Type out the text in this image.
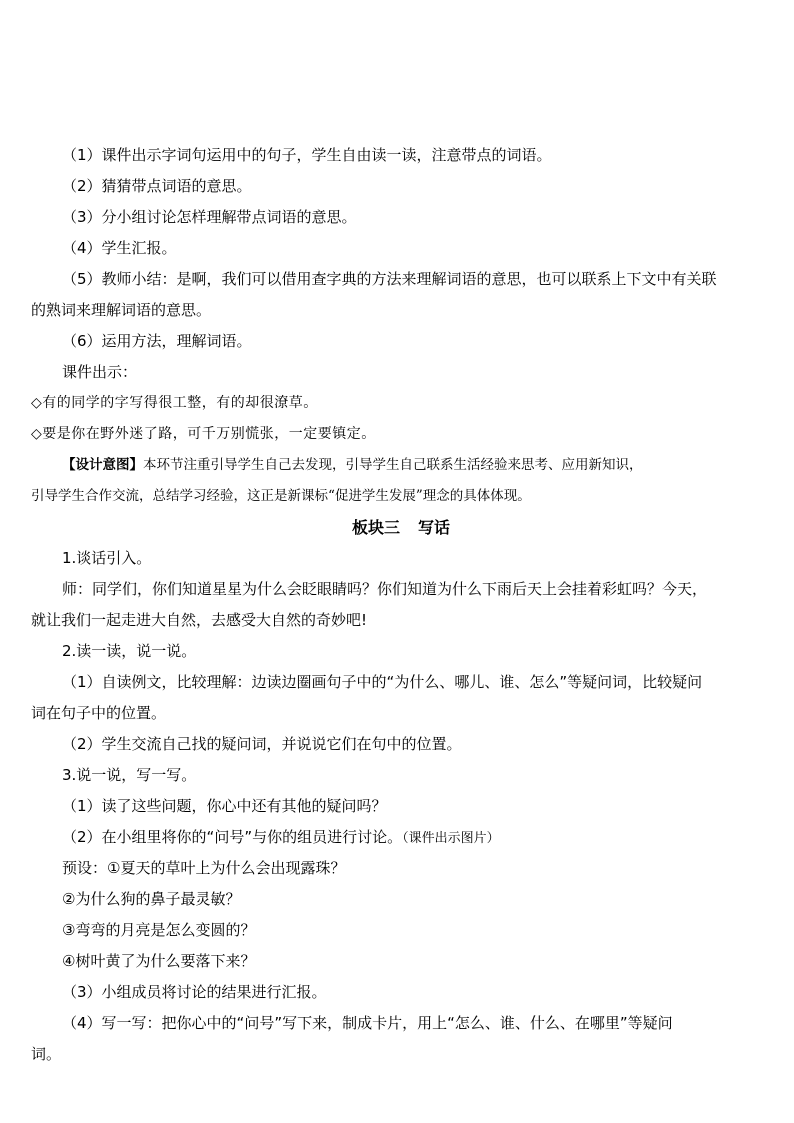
（1）课件出示字词句运用中的句子，学生自由读一读，注意带点的词语。
（2）猜猜带点词语的意思。
（3）分小组讨论怎样理解带点词语的意思。
（4）学生汇报。
（5）教师小结：是啊，我们可以借用查字典的方法来理解词语的意思，也可以联系上下文中有关联
的熟词来理解词语的意思。
（6）运用方法，理解词语。
课件出示：
◇有的同学的字写得很工整，有的却很潦草。
◇要是你在野外迷了路，可千万别慌张，一定要镇定。
【设计意图】本环节注重引导学生自己去发现，引导学生自己联系生活经验来思考、应用新知识，
引导学生合作交流，总结学习经验，这正是新课标“促进学生发展”理念的具体体现。
板块三 写话
1.谈话引入。
师：同学们，你们知道星星为什么会眨眼睛吗？你们知道为什么下雨后天上会挂着彩虹吗？今天，
就让我们一起走进大自然，去感受大自然的奇妙吧!
2.读一读，说一说。
（1）自读例文，比较理解：边读边圈画句子中的“为什么、哪儿、谁、怎么”等疑问词，比较疑问
词在句子中的位置。
（2）学生交流自己找的疑问词，并说说它们在句中的位置。
3.说一说，写一写。
（1）读了这些问题，你心中还有其他的疑问吗？
（2）在小组里将你的“问号”与你的组员进行讨论。（课件出示图片）
预设：①夏天的草叶上为什么会出现露珠？
②为什么狗的鼻子最灵敏？
③弯弯的月亮是怎么变圆的？
④树叶黄了为什么要落下来？
（3）小组成员将讨论的结果进行汇报。
（4）写一写：把你心中的“问号”写下来，制成卡片，用上“怎么、谁、什么、在哪里”等疑问
词。
